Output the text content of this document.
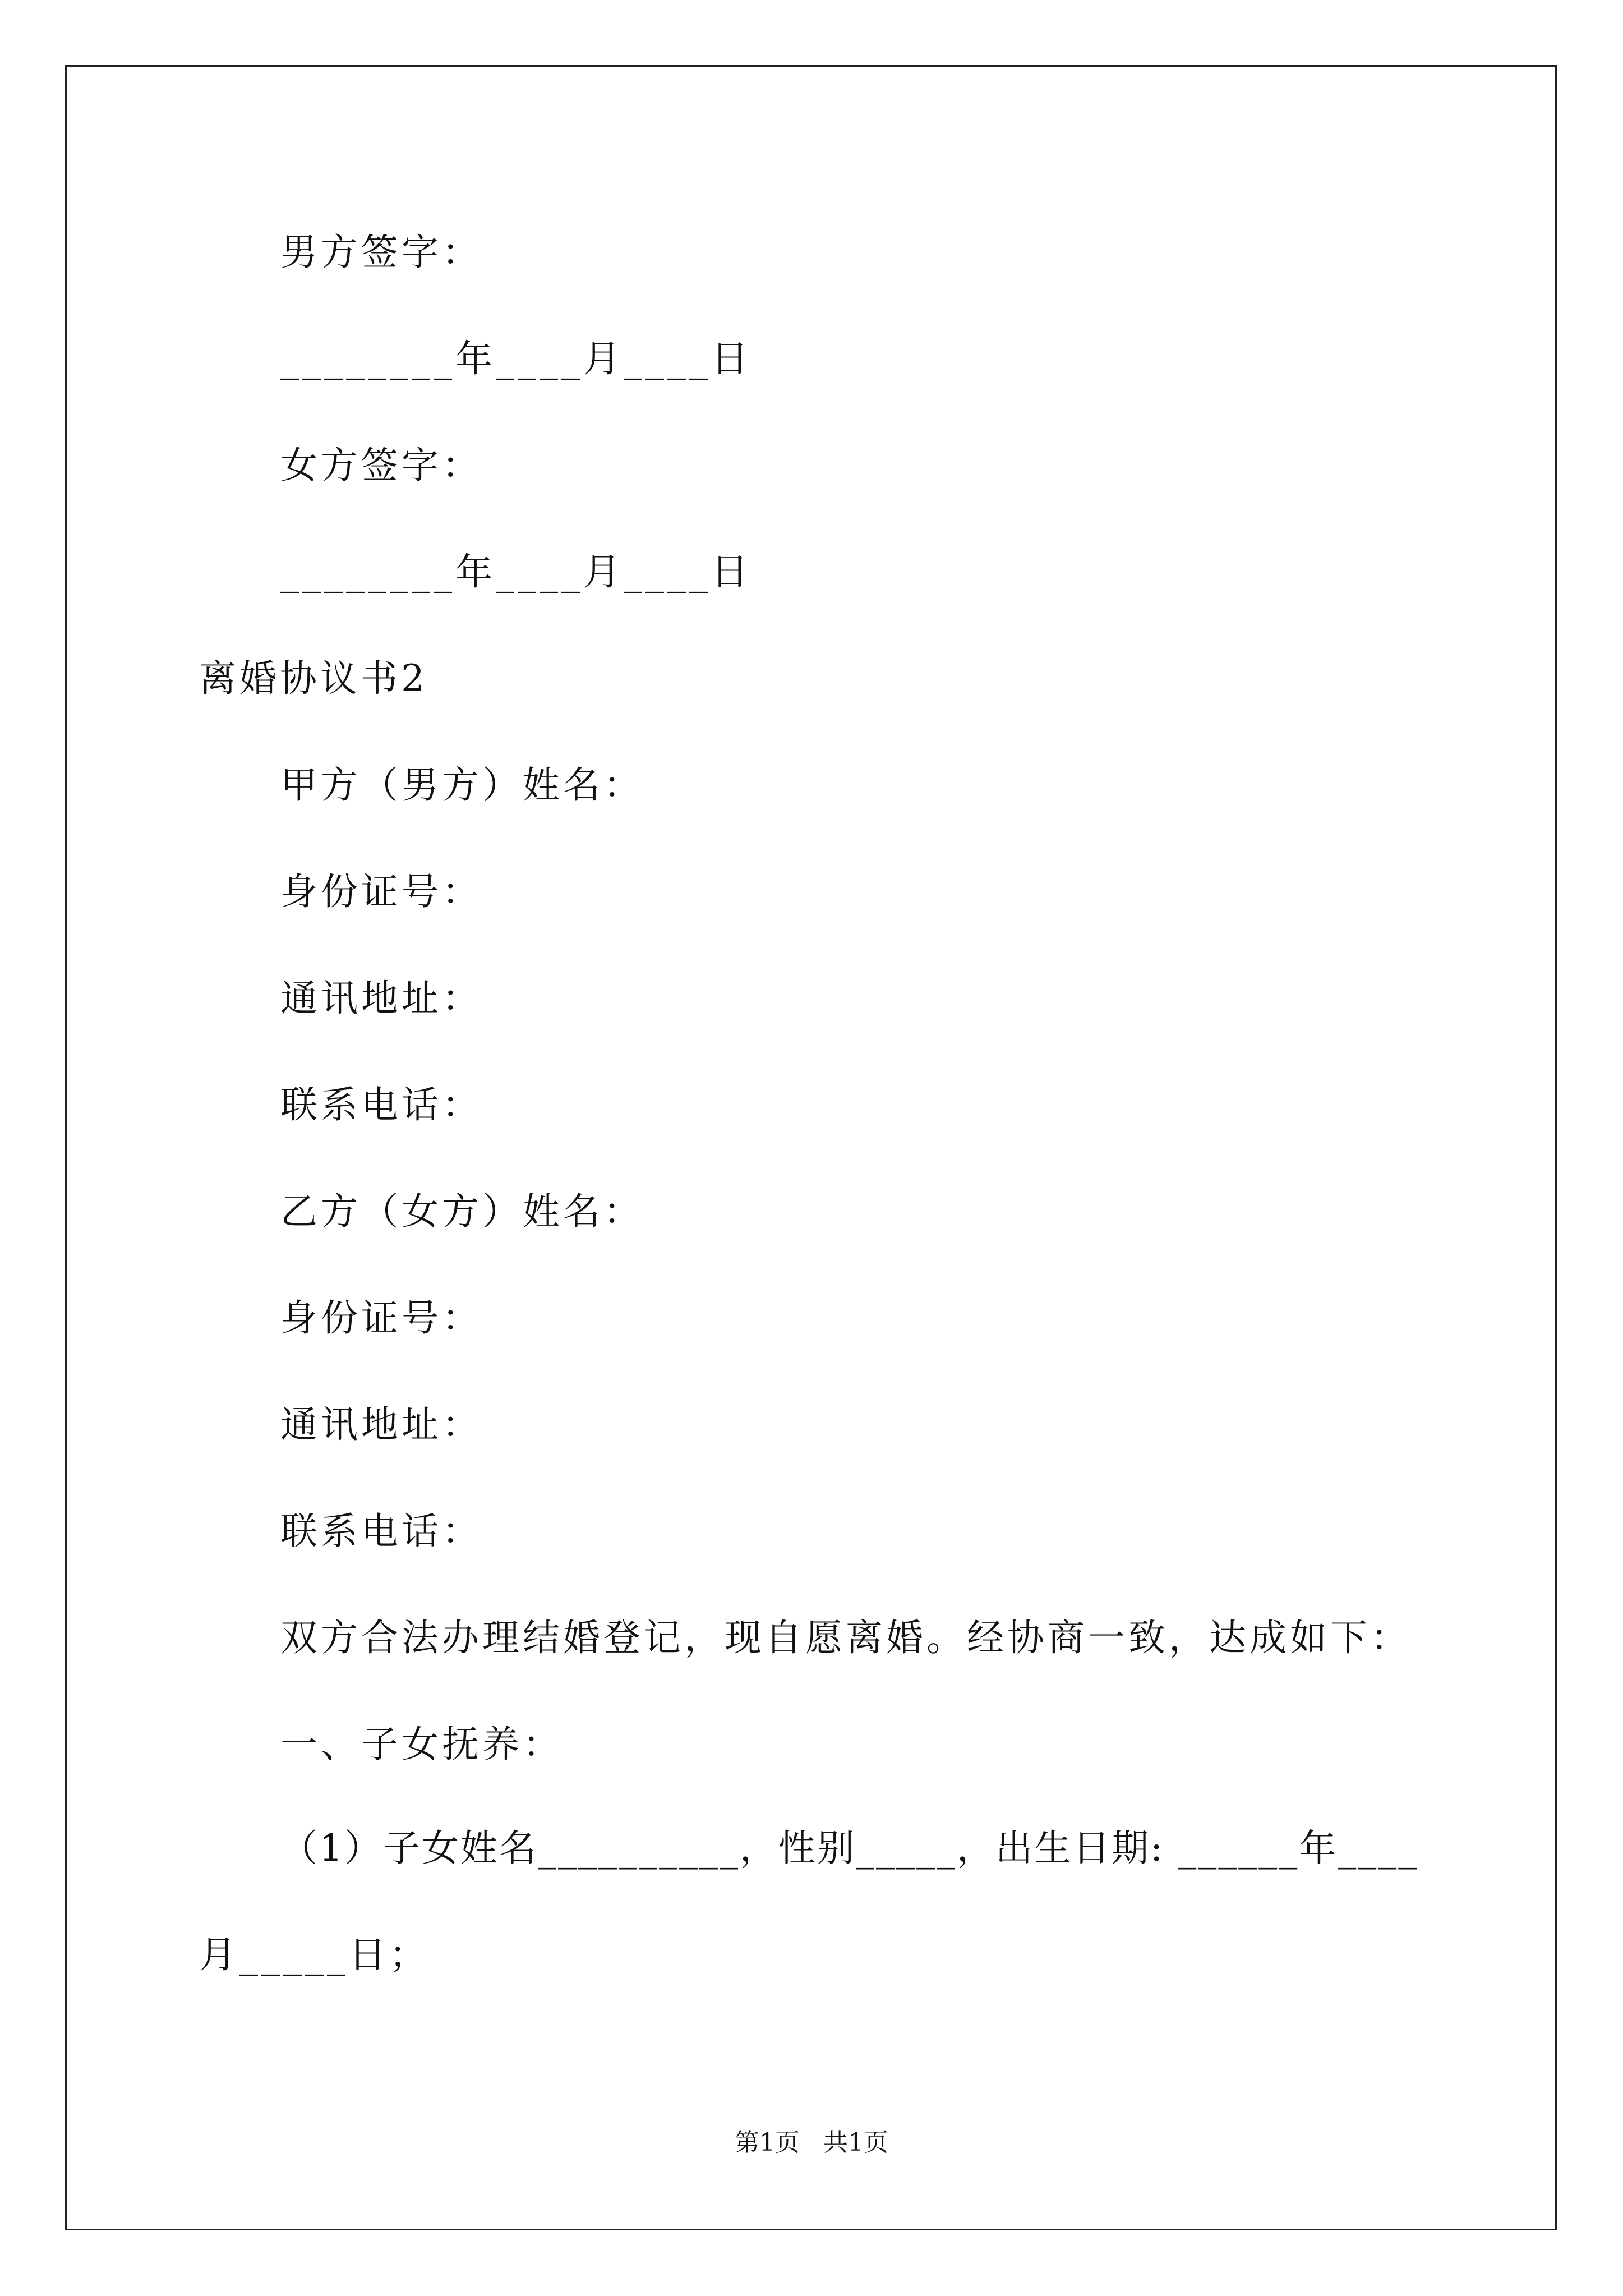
男方签字：
________年____月____日
女方签字：
________年____月____日
离婚协议书2
甲方（男方）姓名：
身份证号：
通讯地址：
联系电话：
乙方（女方）姓名：
身份证号：
通讯地址：
联系电话：
双方合法办理结婚登记，现自愿离婚。经协商一致，达成如下：
一、子女抚养：
（1）子女姓名__________，性别_____，出生日期: ______年____
月_____日；
第1页   共1页
